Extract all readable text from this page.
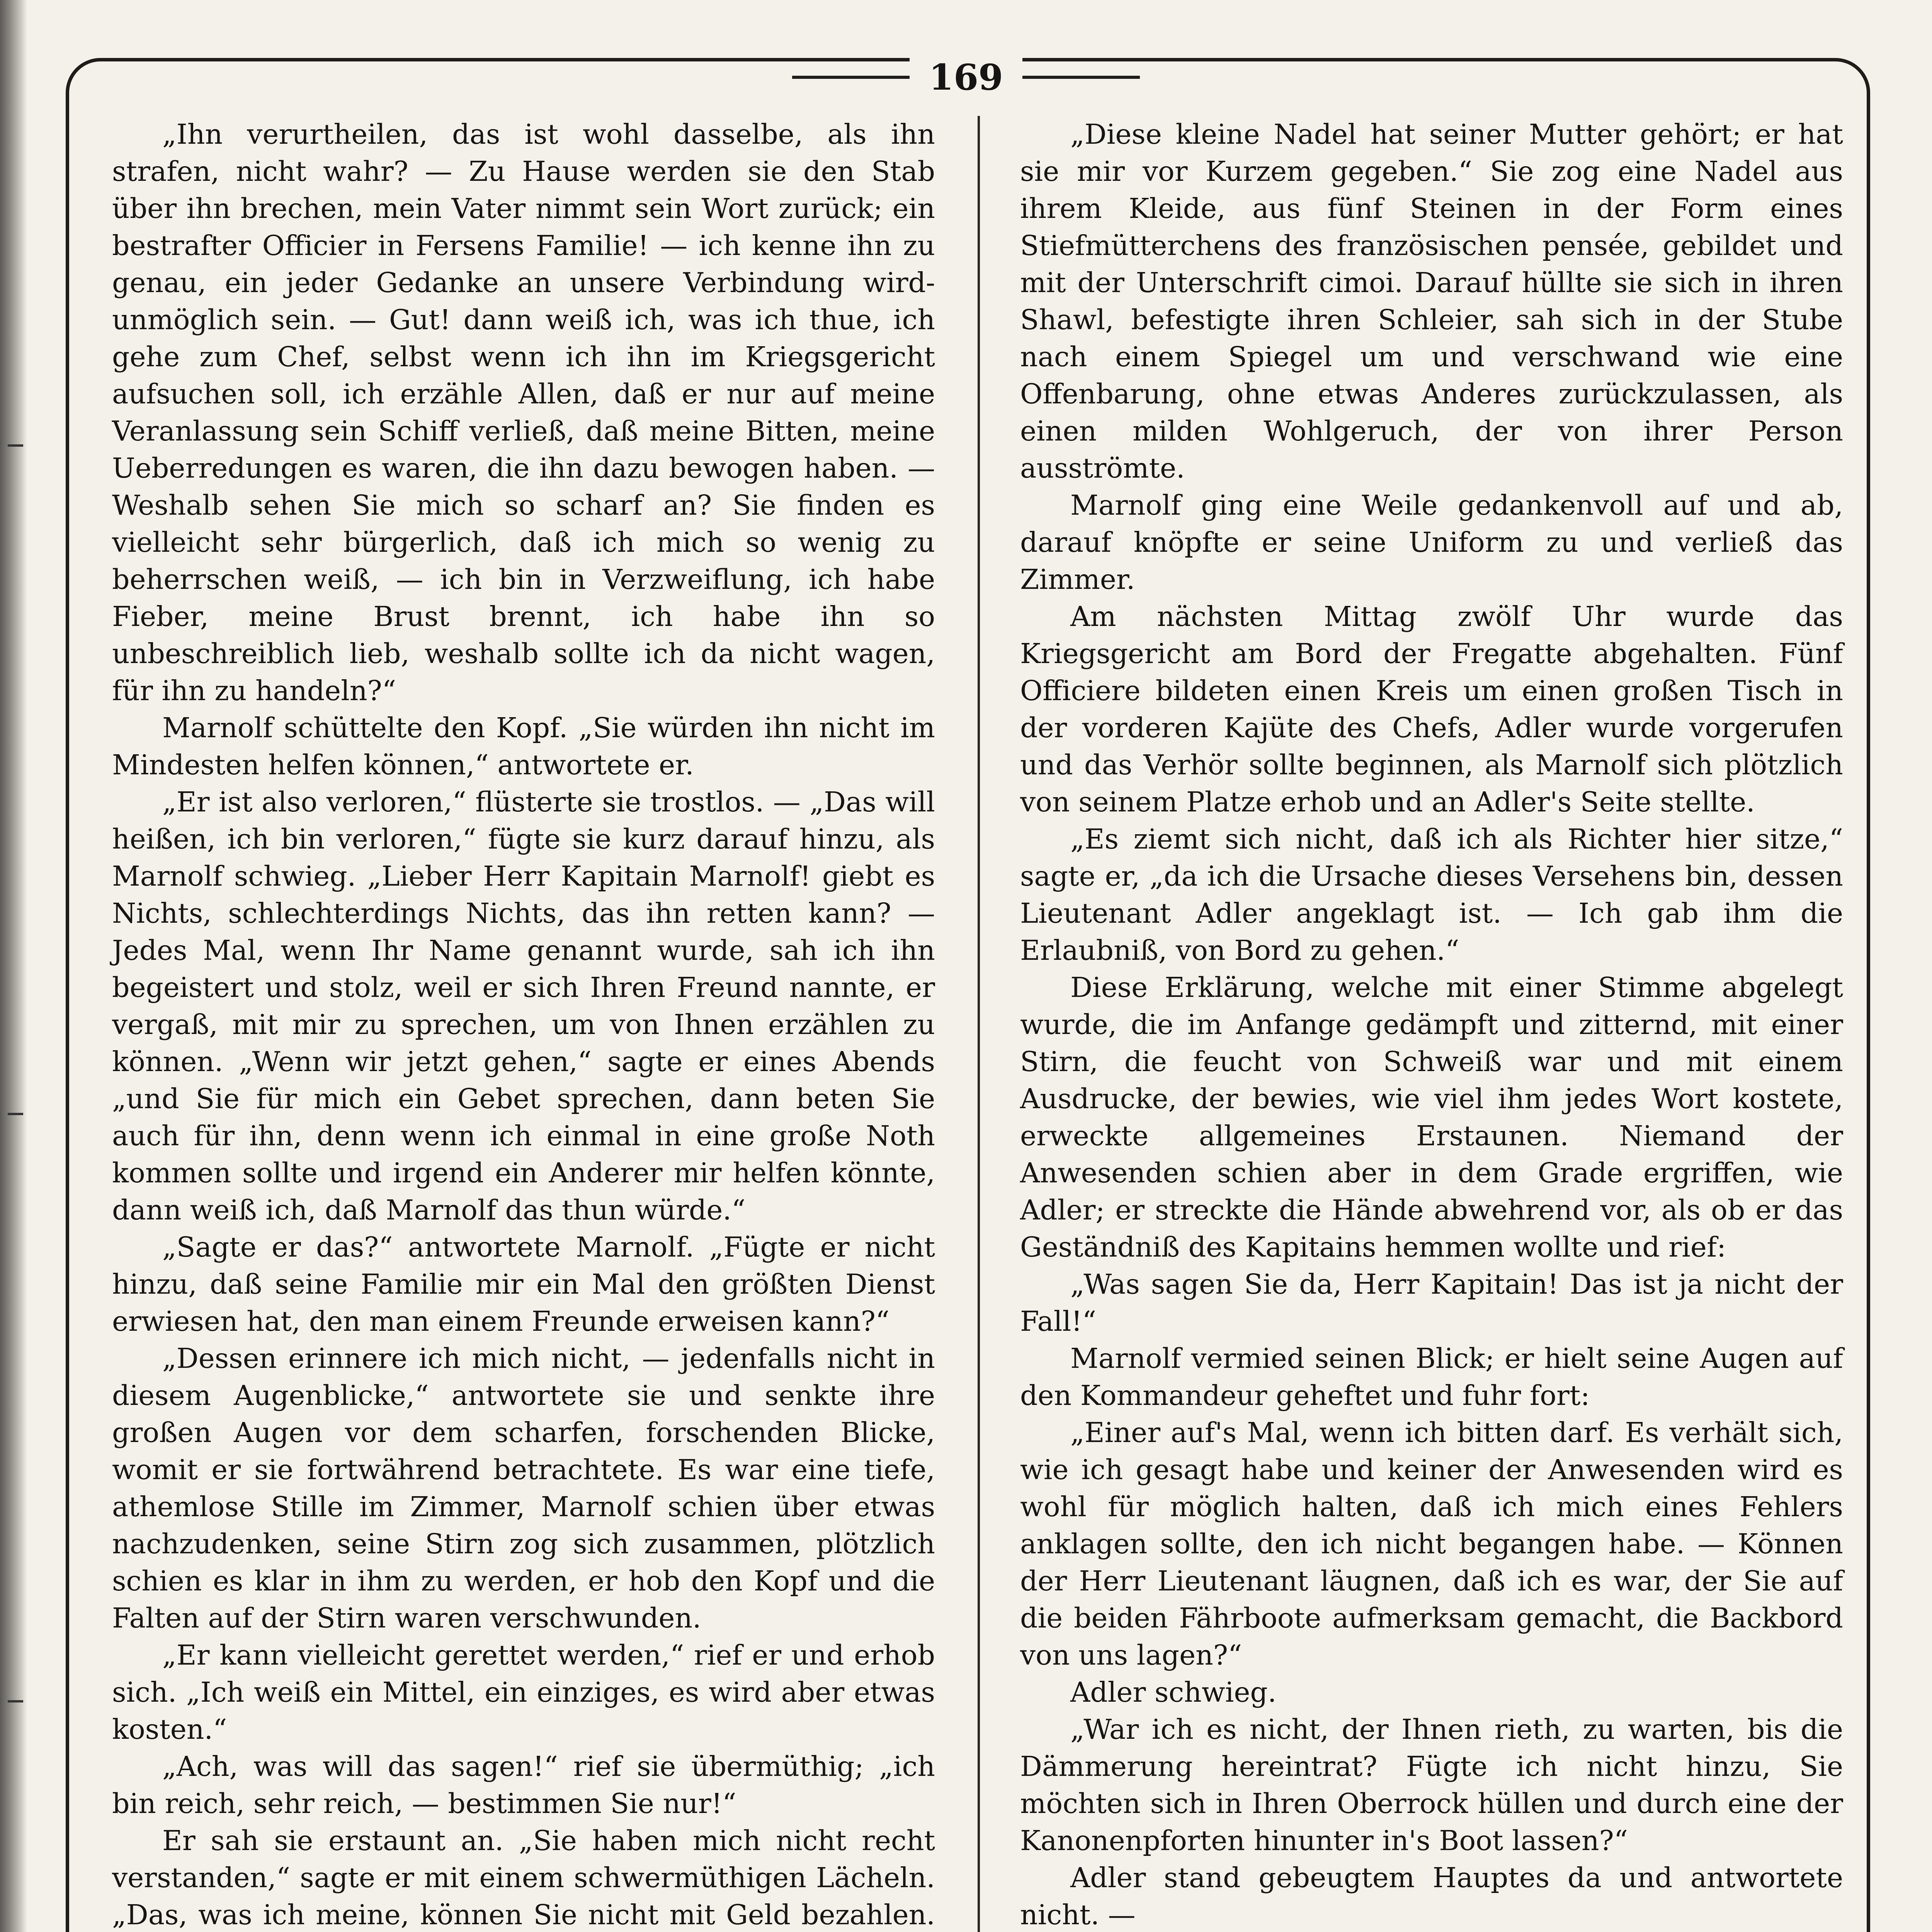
169

„Ihn verurtheilen, das ist wohl dasselbe, als ihn strafen, nicht wahr? — Zu Hause werden sie den Stab über ihn brechen, mein Vater nimmt sein Wort zurück; ein bestrafter Officier in Fersens Familie! — ich kenne ihn zu genau, ein jeder Gedanke an unsere Verbindung wird-unmöglich sein. — Gut! dann weiß ich, was ich thue, ich gehe zum Chef, selbst wenn ich ihn im Kriegsgericht aufsuchen soll, ich erzähle Allen, daß er nur auf meine Veranlassung sein Schiff verließ, daß meine Bitten, meine Ueberredungen es waren, die ihn dazu bewogen haben. — Weshalb sehen Sie mich so scharf an? Sie finden es vielleicht sehr bürgerlich, daß ich mich so wenig zu beherrschen weiß, — ich bin in Verzweiflung, ich habe Fieber, meine Brust brennt, ich habe ihn so unbeschreiblich lieb, weshalb sollte ich da nicht wagen, für ihn zu handeln?“

Marnolf schüttelte den Kopf. „Sie würden ihn nicht im Mindesten helfen können,“ antwortete er.

„Er ist also verloren,“ flüsterte sie trostlos. — „Das will heißen, ich bin verloren,“ fügte sie kurz darauf hinzu, als Marnolf schwieg. „Lieber Herr Kapitain Marnolf! giebt es Nichts, schlechterdings Nichts, das ihn retten kann? — Jedes Mal, wenn Ihr Name genannt wurde, sah ich ihn begeistert und stolz, weil er sich Ihren Freund nannte, er vergaß, mit mir zu sprechen, um von Ihnen erzählen zu können. „Wenn wir jetzt gehen,“ sagte er eines Abends „und Sie für mich ein Gebet sprechen, dann beten Sie auch für ihn, denn wenn ich einmal in eine große Noth kommen sollte und irgend ein Anderer mir helfen könnte, dann weiß ich, daß Marnolf das thun würde.“

„Sagte er das?“ antwortete Marnolf. „Fügte er nicht hinzu, daß seine Familie mir ein Mal den größten Dienst erwiesen hat, den man einem Freunde erweisen kann?“

„Dessen erinnere ich mich nicht, — jedenfalls nicht in diesem Augenblicke,“ antwortete sie und senkte ihre großen Augen vor dem scharfen, forschenden Blicke, womit er sie fortwährend betrachtete. Es war eine tiefe, athemlose Stille im Zimmer, Marnolf schien über etwas nachzudenken, seine Stirn zog sich zusammen, plötzlich schien es klar in ihm zu werden, er hob den Kopf und die Falten auf der Stirn waren verschwunden.

„Er kann vielleicht gerettet werden,“ rief er und erhob sich. „Ich weiß ein Mittel, ein einziges, es wird aber etwas kosten.“

„Ach, was will das sagen!“ rief sie übermüthig; „ich bin reich, sehr reich, — bestimmen Sie nur!“

Er sah sie erstaunt an. „Sie haben mich nicht recht verstanden,“ sagte er mit einem schwermüthigen Lächeln. „Das, was ich meine, können Sie nicht mit Geld bezahlen.

„Diese kleine Nadel hat seiner Mutter gehört; er hat sie mir vor Kurzem gegeben.“ Sie zog eine Nadel aus ihrem Kleide, aus fünf Steinen in der Form eines Stiefmütterchens des französischen pensée, gebildet und mit der Unterschrift cimoi. Darauf hüllte sie sich in ihren Shawl, befestigte ihren Schleier, sah sich in der Stube nach einem Spiegel um und verschwand wie eine Offenbarung, ohne etwas Anderes zurückzulassen, als einen milden Wohlgeruch, der von ihrer Person ausströmte.

Marnolf ging eine Weile gedankenvoll auf und ab, darauf knöpfte er seine Uniform zu und verließ das Zimmer.

Am nächsten Mittag zwölf Uhr wurde das Kriegsgericht am Bord der Fregatte abgehalten. Fünf Officiere bildeten einen Kreis um einen großen Tisch in der vorderen Kajüte des Chefs, Adler wurde vorgerufen und das Verhör sollte beginnen, als Marnolf sich plötzlich von seinem Platze erhob und an Adler's Seite stellte.

„Es ziemt sich nicht, daß ich als Richter hier sitze,“ sagte er, „da ich die Ursache dieses Versehens bin, dessen Lieutenant Adler angeklagt ist. — Ich gab ihm die Erlaubniß, von Bord zu gehen.“

Diese Erklärung, welche mit einer Stimme abgelegt wurde, die im Anfange gedämpft und zitternd, mit einer Stirn, die feucht von Schweiß war und mit einem Ausdrucke, der bewies, wie viel ihm jedes Wort kostete, erweckte allgemeines Erstaunen. Niemand der Anwesenden schien aber in dem Grade ergriffen, wie Adler; er streckte die Hände abwehrend vor, als ob er das Geständniß des Kapitains hemmen wollte und rief:

„Was sagen Sie da, Herr Kapitain! Das ist ja nicht der Fall!“

Marnolf vermied seinen Blick; er hielt seine Augen auf den Kommandeur geheftet und fuhr fort:

„Einer auf's Mal, wenn ich bitten darf. Es verhält sich, wie ich gesagt habe und keiner der Anwesenden wird es wohl für möglich halten, daß ich mich eines Fehlers anklagen sollte, den ich nicht begangen habe. — Können der Herr Lieutenant läugnen, daß ich es war, der Sie auf die beiden Fährboote aufmerksam gemacht, die Backbord von uns lagen?“

Adler schwieg.

„War ich es nicht, der Ihnen rieth, zu warten, bis die Dämmerung hereintrat? Fügte ich nicht hinzu, Sie möchten sich in Ihren Oberrock hüllen und durch eine der Kanonenpforten hinunter in's Boot lassen?“

Adler stand gebeugtem Hauptes da und antwortete nicht. —
